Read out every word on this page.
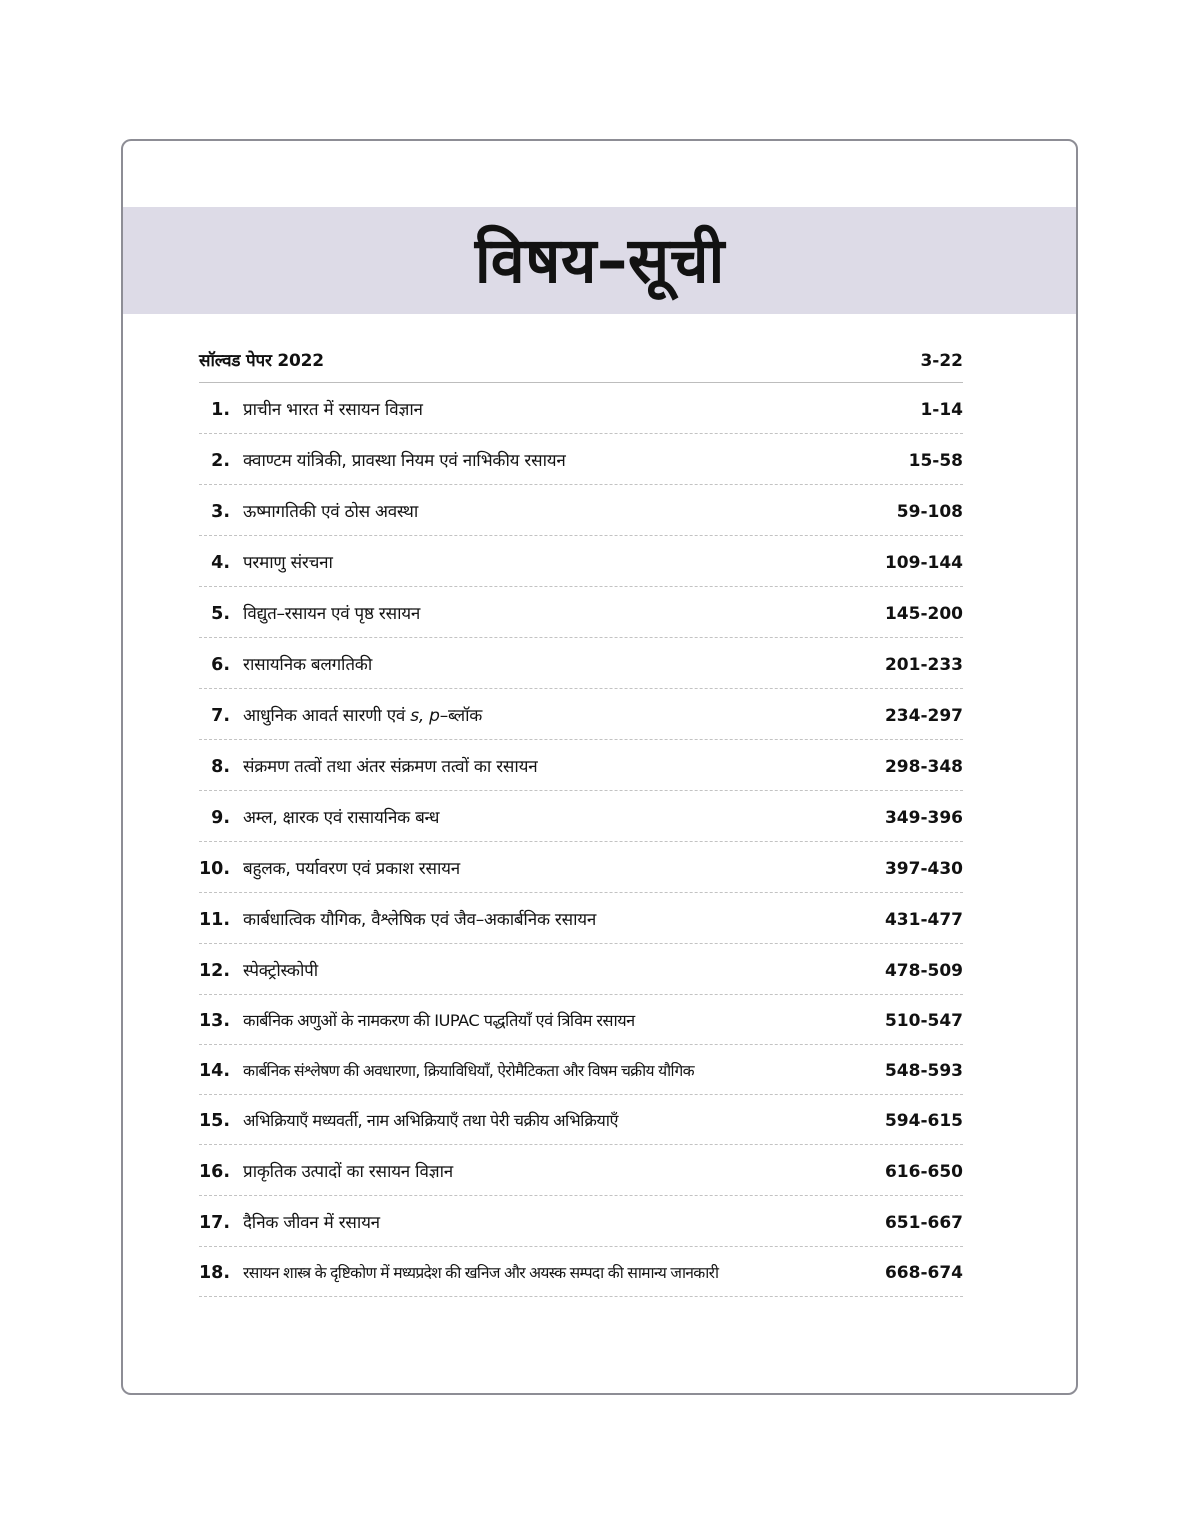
विषय–सूची
सॉल्वड पेपर 2022	3-22
1. प्राचीन भारत में रसायन विज्ञान	1-14
2. क्वाण्टम यांत्रिकी, प्रावस्था नियम एवं नाभिकीय रसायन	15-58
3. ऊष्मागतिकी एवं ठोस अवस्था	59-108
4. परमाणु संरचना	109-144
5. विद्युत–रसायन एवं पृष्ठ रसायन	145-200
6. रासायनिक बलगतिकी	201-233
7. आधुनिक आवर्त सारणी एवं s, p–ब्लॉक	234-297
8. संक्रमण तत्वों तथा अंतर संक्रमण तत्वों का रसायन	298-348
9. अम्ल, क्षारक एवं रासायनिक बन्ध	349-396
10. बहुलक, पर्यावरण एवं प्रकाश रसायन	397-430
11. कार्बधात्विक यौगिक, वैश्लेषिक एवं जैव–अकार्बनिक रसायन	431-477
12. स्पेक्ट्रोस्कोपी	478-509
13. कार्बनिक अणुओं के नामकरण की IUPAC पद्धतियाँ एवं त्रिविम रसायन	510-547
14. कार्बनिक संश्लेषण की अवधारणा, क्रियाविधियाँ, ऐरोमैटिकता और विषम चक्रीय यौगिक	548-593
15. अभिक्रियाएँ मध्यवर्ती, नाम अभिक्रियाएँ तथा पेरी चक्रीय अभिक्रियाएँ	594-615
16. प्राकृतिक उत्पादों का रसायन विज्ञान	616-650
17. दैनिक जीवन में रसायन	651-667
18. रसायन शास्त्र के दृष्टिकोण में मध्यप्रदेश की खनिज और अयस्क सम्पदा की सामान्य जानकारी	668-674
